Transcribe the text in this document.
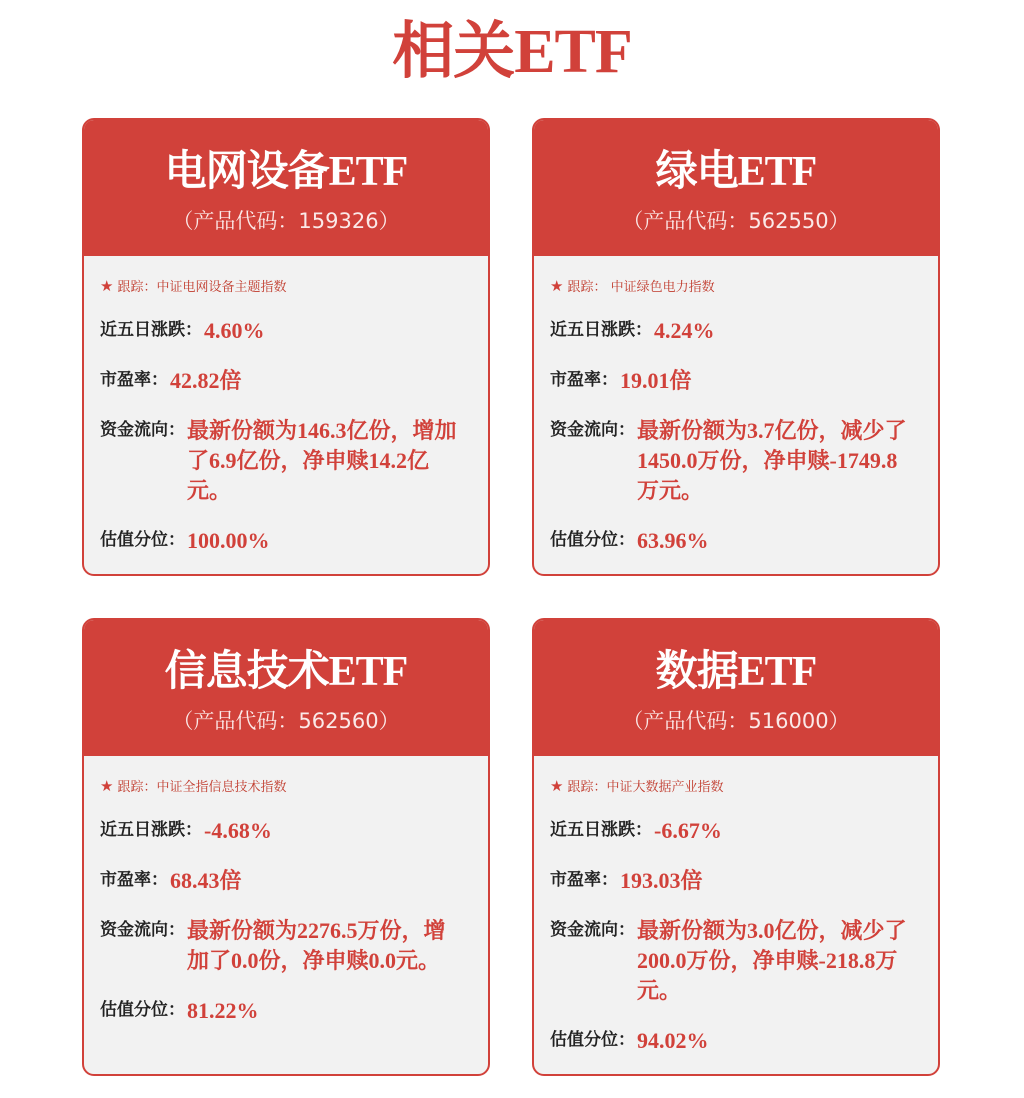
相关ETF
电网设备ETF
（产品代码：159326）
★ 跟踪：中证电网设备主题指数
近五日涨跌： 4.60%
市盈率： 42.82倍
资金流向： 最新份额为146.3亿份，增加了6.9亿份，净申赎14.2亿元。
估值分位： 100.00%
绿电ETF
（产品代码：562550）
★ 跟踪： 中证绿色电力指数
近五日涨跌： 4.24%
市盈率： 19.01倍
资金流向： 最新份额为3.7亿份，减少了1450.0万份，净申赎-1749.8万元。
估值分位： 63.96%
信息技术ETF
（产品代码：562560）
★ 跟踪：中证全指信息技术指数
近五日涨跌： -4.68%
市盈率： 68.43倍
资金流向： 最新份额为2276.5万份，增加了0.0份，净申赎0.0元。
估值分位： 81.22%
数据ETF
（产品代码：516000）
★ 跟踪：中证大数据产业指数
近五日涨跌： -6.67%
市盈率： 193.03倍
资金流向： 最新份额为3.0亿份，减少了200.0万份，净申赎-218.8万元。
估值分位： 94.02%
